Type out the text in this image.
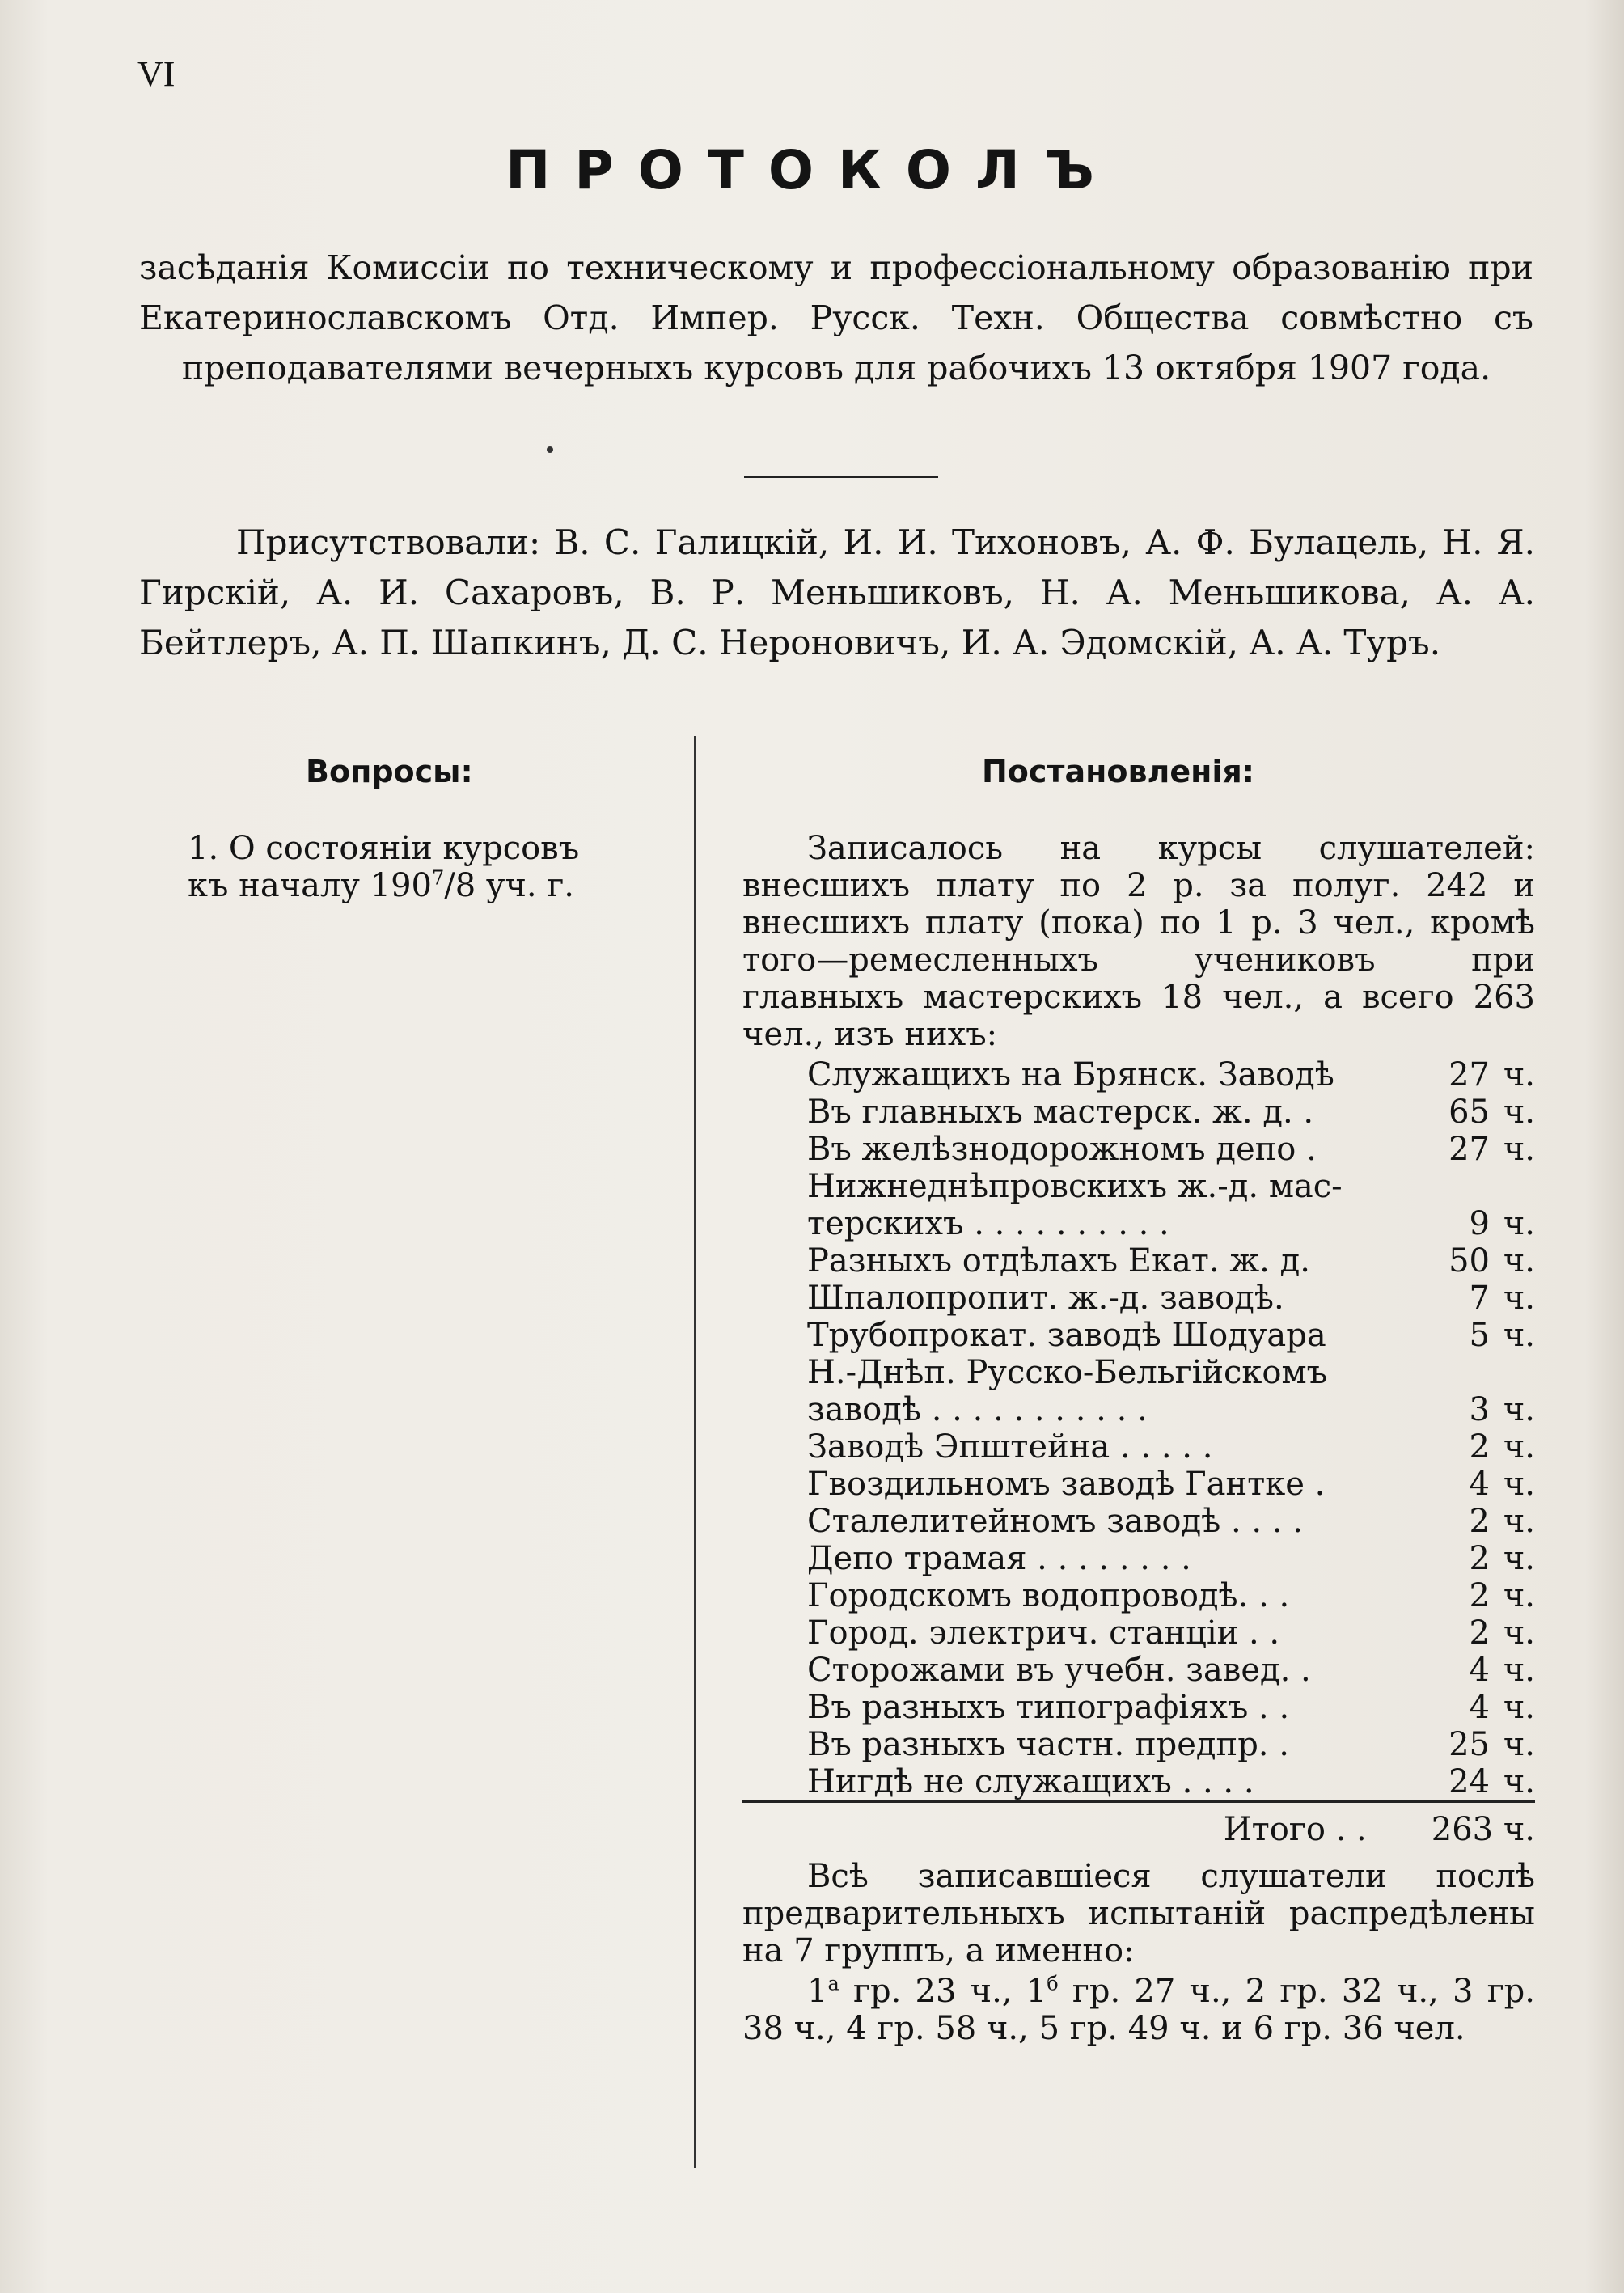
VI
ПРОТОКОЛЪ
засѣданія Комиссіи по техническому и профессіональному образованію при Екатеринославскомъ Отд. Импер. Русск. Техн. Общества совмѣстно съ преподавателями вечерныхъ курсовъ для рабочихъ 13 октября 1907 года.
Присутствовали: В. С. Галицкій, И. И. Тихоновъ, А. Ф. Булацель, Н. Я. Гирскій, А. И. Сахаровъ, В. Р. Меньшиковъ, Н. А. Меньшикова, А. А. Бейтлеръ, А. П. Шапкинъ, Д. С. Нероновичъ, И. А. Эдомскій, А. А. Туръ.
Вопросы:	Постановленія:
1. О состояніи курсовъ
къ началу $190^7/8$ уч. г.
Записалось на курсы слушателей: внесшихъ плату по 2 р. за полуг. 242 и внесшихъ плату (пока) по 1 р. 3 чел., кромѣ того—ремесленныхъ учениковъ при главныхъ мастерскихъ 18 чел., а всего 263 чел., изъ нихъ:
Служащихъ на Брянск. Заводѣ	27 ч.
Въ главныхъ мастерск. ж. д. .	65 ч.
Въ желѣзнодорожномъ депо .	27 ч.
Нижнеднѣпровскихъ ж.-д. мас-
терскихъ . . . . . . . . . .	9 ч.
Разныхъ отдѣлахъ Екат. ж. д.	50 ч.
Шпалопропит. ж.-д. заводѣ.	7 ч.
Трубопрокат. заводѣ Шодуара	5 ч.
Н.-Днѣп. Русско-Бельгійскомъ
заводѣ . . . . . . . . . . .	3 ч.
Заводѣ Эпштейна . . . . .	2 ч.
Гвоздильномъ заводѣ Гантке .	4 ч.
Сталелитейномъ заводѣ . . . .	2 ч.
Депо трамая . . . . . . . .	2 ч.
Городскомъ водопроводѣ. . .	2 ч.
Город. электрич. станціи . .	2 ч.
Сторожами въ учебн. завед. .	4 ч.
Въ разныхъ типографіяхъ . .	4 ч.
Въ разныхъ частн. предпр. .	25 ч.
Нигдѣ не служащихъ . . . .	24 ч.
Итого . . 263 ч.
Всѣ записавшіеся слушатели послѣ предварительныхъ испытаній распредѣлены на 7 группъ, а именно:
$1^а$ гр. 23 ч., $1^б$ гр. 27 ч., 2 гр. 32 ч., 3 гр. 38 ч., 4 гр. 58 ч., 5 гр. 49 ч. и 6 гр. 36 чел.
